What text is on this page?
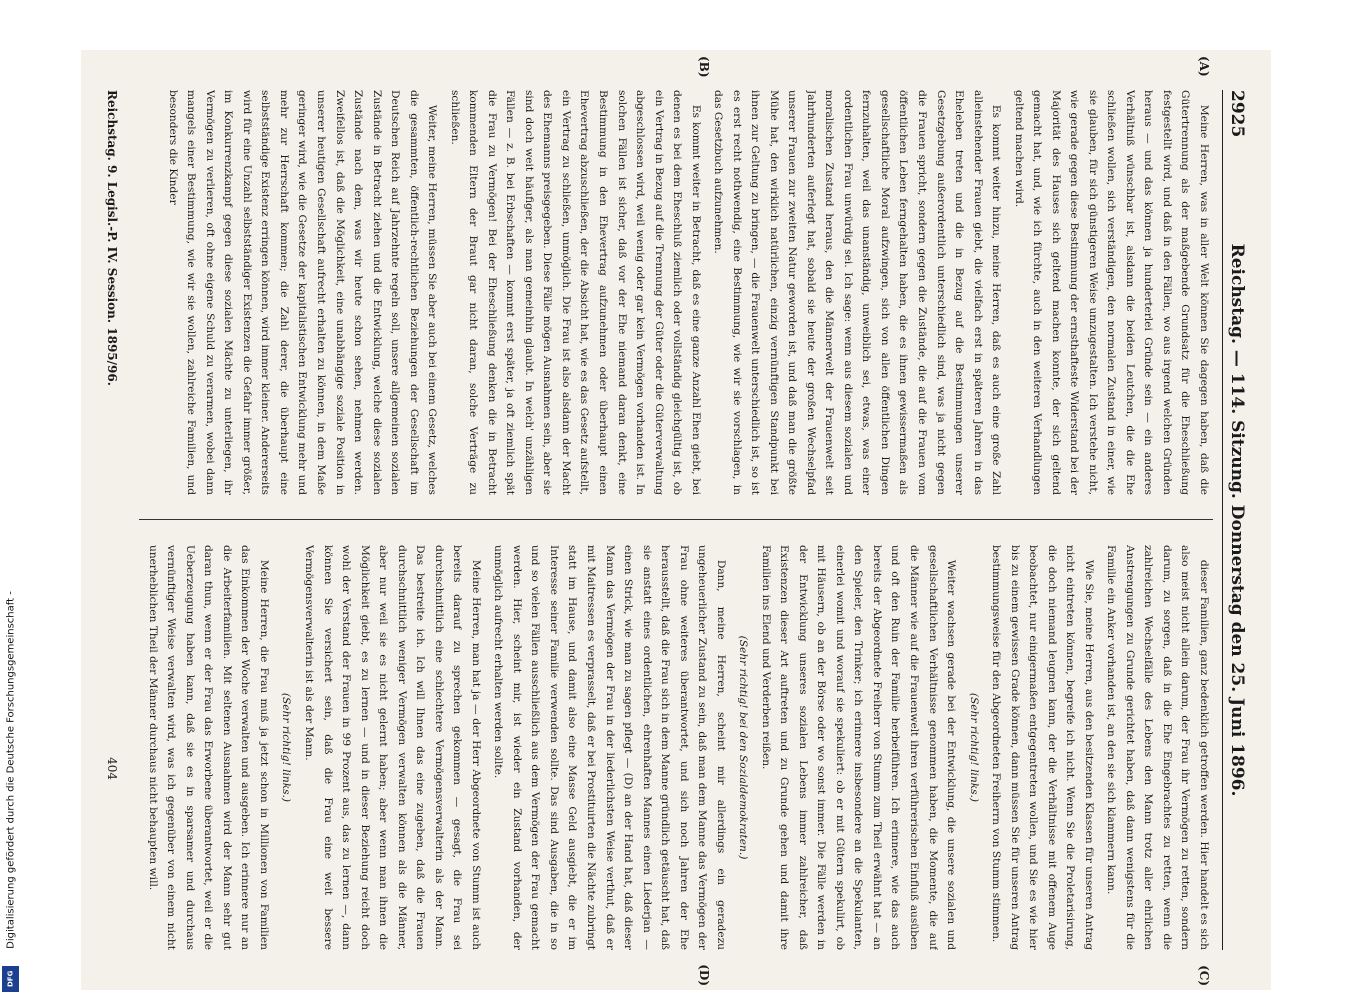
Digitalisierung gefördert durch die Deutsche Forschungsgemeinschaft -
DFG
2925
Reichstag. — 114. Sitzung. Donnerstag den 25. Juni 1896.
(A)
(B)
(C)
(D)

Meine Herren, was in aller Welt können Sie dagegen haben, daß die Gütertrennung als der maßgebende Grundsatz für die Eheschließung festgestellt wird, und daß in den Fällen, wo aus irgend welchen Gründen heraus — und das können ja hunderterlei Gründe sein — ein anderes Verhältniß wünschbar ist, alsdann die beiden Leutchen, die die Ehe schließen wollen, sich verständigen, den normalen Zustand in einer, wie sie glauben, für sich günstigeren Weise umzugestalten. Ich verstehe nicht, wie gerade gegen diese Bestimmung der ernsthafteste Widerstand bei der Majorität des Hauses sich geltend machen konnte, der sich geltend gemacht hat, und, wie ich fürchte, auch in den weiteren Verhandlungen geltend machen wird.

Es kommt weiter hinzu, meine Herren, daß es auch eine große Zahl alleinstehender Frauen giebt, die vielfach erst in späteren Jahren in das Eheleben treten und die in Bezug auf die Bestimmungen unserer Gesetzgebung außerordentlich unterschiedlich sind, was ja nicht gegen die Frauen spricht, sondern gegen die Zustände, die auf die Frauen vom öffentlichen Leben ferngehalten haben, die es ihnen gewissermaßen als gesellschaftliche Moral aufzwingen, sich von allen öffentlichen Dingen fernzuhalten, weil das unanständig, unweiblich sei, etwas, was einer ordentlichen Frau unwürdig sei. Ich sage: wenn aus diesem sozialen und moralischen Zustand heraus, den die Männerwelt der Frauenwelt seit Jahrhunderten auferlegt hat, sobald sie heute der großen Wechselpfad unserer Frauen zur zweiten Natur geworden ist, und daß man die größte Mühe hat, den wirklich natürlichen, einzig vernünftigen Standpunkt bei ihnen zur Geltung zu bringen, — die Frauenwelt unterschiedlich ist, so ist es erst recht nothwendig, eine Bestimmung, wie wir sie vorschlagen, in das Gesetzbuch aufzunehmen.

Es kommt weiter in Betracht, daß es eine ganze Anzahl Ehen giebt, bei denen es bei dem Eheschluß ziemlich oder vollständig gleichgültig ist, ob ein Vertrag in Bezug auf die Trennung der Güter oder die Güterverwaltung abgeschlossen wird, weil wenig oder gar kein Vermögen vorhanden ist. In solchen Fällen ist sicher, daß vor der Ehe niemand daran denkt, eine Bestimmung in den Ehevertrag aufzunehmen oder überhaupt einen Ehevertrag abzuschließen, der die Absicht hat, wie es das Gesetz aufstellt, ein Vertrag zu schließen, unmöglich. Die Frau ist also alsdann der Macht des Ehemanns preisgegeben. Diese Fälle mögen Ausnahmen sein, aber sie sind doch weit häufiger, als man gemeinhin glaubt. In welch' unzähligen Fällen — z. B. bei Erbschaften — kommt erst später, ja oft ziemlich spät die Frau zu Vermögen! Bei der Eheschließung denken die in Betracht kommenden Eltern der Braut gar nicht daran, solche Verträge zu schließen.

Weiter, meine Herren, müssen Sie aber auch bei einem Gesetz, welches die gesammten, öffentlich-rechtlichen Beziehungen der Gesellschaft im Deutschen Reich auf Jahrzehnte regeln soll, unsere allgemeinen sozialen Zustände in Betracht ziehen und die Entwicklung, welche diese sozialen Zustände nach dem, was wir heute schon sehen, nehmen werden. Zweifellos ist, daß die Möglichkeit, eine unabhängige soziale Position in unserer heutigen Gesellschaft aufrecht erhalten zu können, in dem Maße geringer wird, wie die Gesetze der kapitalistischen Entwicklung mehr und mehr zur Herrschaft kommen; die Zahl derer, die überhaupt eine selbstständige Existenz erringen können, wird immer kleiner. Andererseits wird für eine Unzahl selbstständiger Existenzen die Gefahr immer größer, im Konkurrenzkampf gegen diese sozialen Mächte zu unterliegen, ihr Vermögen zu verlieren, oft ohne eigene Schuld zu verarmen, wobei dann mangels einer Bestimmung, wie wir sie wollen, zahlreiche Familien, und besonders die Kinder

dieser Familien, ganz bedenklich getroffen werden. Hier handelt es sich also meist nicht allein darum, der Frau ihr Vermögen zu retten, sondern darum, zu sorgen, daß in die Ehe Eingebrachtes zu retten, wenn die zahlreichen Wechselfälle des Lebens den Mann trotz aller ehrlichen Anstrengungen zu Grunde gerichtet haben, daß dann wenigstens für die Familie ein Anker vorhanden ist, an den sie sich klammern kann.

Wie Sie, meine Herren, aus den besitzenden Klassen für unseren Antrag nicht eintreten können, begreife ich nicht. Wenn Sie die Proletarisirung, die doch niemand leugnen kann, der die Verhältnisse mit offenem Auge beobachtet, nur einigermaßen entgegentreten wollen, und Sie es wie hier bis zu einem gewissen Grade können, dann müssen Sie für unseren Antrag bestimmungsweise für den Abgeordneten Freiherrn von Stumm stimmen.

(Sehr richtig! links.)

Weiter wachsen gerade bei der Entwicklung, die unsere sozialen und gesellschaftlichen Verhältnisse genommen haben, die Momente, die auf die Männer wie auf die Frauenwelt ihren verführerischen Einfluß ausüben und oft den Ruin der Familie herbeiführen. Ich erinnere, wie das auch bereits der Abgeordnete Freiherr von Stumm zum Theil erwähnt hat — an den Spieler, den Trinker; ich erinnere insbesondere an die Spekulanten, einerlei womit und worauf sie spekuliert: ob er mit Gütern spekulirt, ob mit Häusern, ob an der Börse oder wo sonst immer. Die Fälle werden in der Entwicklung unseres sozialen Lebens immer zahlreicher, daß Existenzen dieser Art auftreten und zu Grunde gehen und damit ihre Familien ins Elend und Verderben reißen.

(Sehr richtig! bei den Sozialdemokraten.)

Dann, meine Herren, scheint mir allerdings ein geradezu ungeheuerlicher Zustand zu sein, daß man dem Manne das Vermögen der Frau ohne weiteres überantwortet, und sich noch Jahren der Ehe herausstellt, daß die Frau sich in dem Manne gründlich getäuscht hat, daß sie anstatt eines ordentlichen, ehrenhaften Mannes einen Liederjan — einen Strick, wie man zu sagen pflegt — (D) an der Hand hat, daß dieser Mann das Vermögen der Frau in der liederlichsten Weise verthut, daß er mit Maitressen es verprasselt, daß er bei Prostituirten die Nächte zubringt statt im Hause, und damit also eine Masse Geld ausgiebt, die er im Interesse seiner Familie verwenden sollte. Das sind Ausgaben, die in so und so vielen Fällen ausschließlich aus dem Vermögen der Frau gemacht werden. Hier, scheint mir, ist wieder ein Zustand vorhanden, der unmöglich aufrecht erhalten werden sollte.

Meine Herren, man hat ja — der Herr Abgeordnete von Stumm ist auch bereits darauf zu sprechen gekommen — gesagt, die Frau sei durchschnittlich eine schlechtere Vermögensverwalterin als der Mann. Das bestreite ich. Ich will Ihnen das eine zugeben, daß die Frauen durchschnittlich weniger Vermögen verwalten können als die Männer, aber nur weil sie es nicht gelernt haben; aber wenn man ihnen die Möglichkeit giebt, es zu lernen — und in dieser Beziehung reicht doch wohl der Verstand der Frauen in 99 Prozent aus, das zu lernen —, dann können Sie versichert sein, daß die Frau eine weit bessere Vermögensverwalterin ist als der Mann.

(Sehr richtig! links.)

Meine Herren, die Frau muß ja jetzt schon in Millionen von Familien das Einkommen der Woche verwalten und ausgeben. Ich erinnere nur an die Arbeiterfamilien. Mit seltenen Ausnahmen wird der Mann sehr gut daran thun, wenn er der Frau das Erworbene überantwortet, weil er die Ueberzeugung haben kann, daß sie es in sparsamer und durchaus vernünftiger Weise verwalten wird, was ich gegenüber von einem nicht unerheblichen Theil der Männer durchaus nicht behaupten will.

Reichstag. 9. Legisl.-P. IV. Session. 1895/96.
404
